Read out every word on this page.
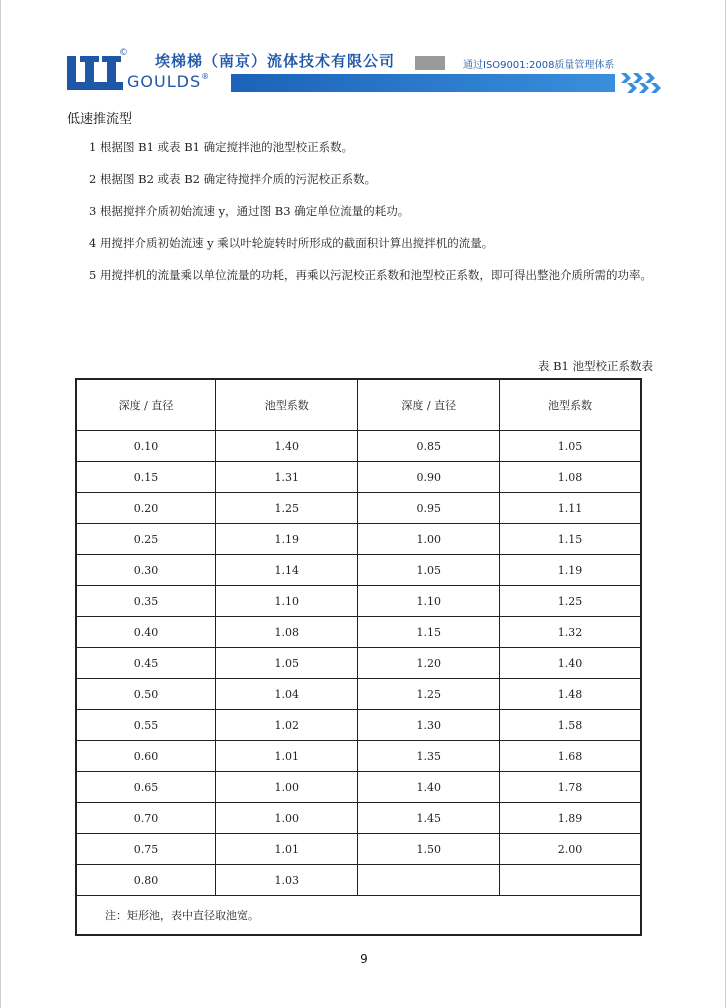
©
GOULDS®
埃梯梯（南京）流体技术有限公司	通过ISO9001:2008质量管理体系
低速推流型
1 根据图 B1 或表 B1 确定搅拌池的池型校正系数。
2 根据图 B2 或表 B2 确定待搅拌介质的污泥校正系数。
3 根据搅拌介质初始流速 y，通过图 B3 确定单位流量的耗功。
4 用搅拌介质初始流速 y 乘以叶轮旋转时所形成的截面积计算出搅拌机的流量。
5 用搅拌机的流量乘以单位流量的功耗，再乘以污泥校正系数和池型校正系数，即可得出整池介质所需的功率。
表 B1 池型校正系数表
深度 / 直径	池型系数	深度 / 直径	池型系数
0.10	1.40	0.85	1.05
0.15	1.31	0.90	1.08
0.20	1.25	0.95	1.11
0.25	1.19	1.00	1.15
0.30	1.14	1.05	1.19
0.35	1.10	1.10	1.25
0.40	1.08	1.15	1.32
0.45	1.05	1.20	1.40
0.50	1.04	1.25	1.48
0.55	1.02	1.30	1.58
0.60	1.01	1.35	1.68
0.65	1.00	1.40	1.78
0.70	1.00	1.45	1.89
0.75	1.01	1.50	2.00
0.80	1.03		
注：矩形池，表中直径取池宽。			
9
